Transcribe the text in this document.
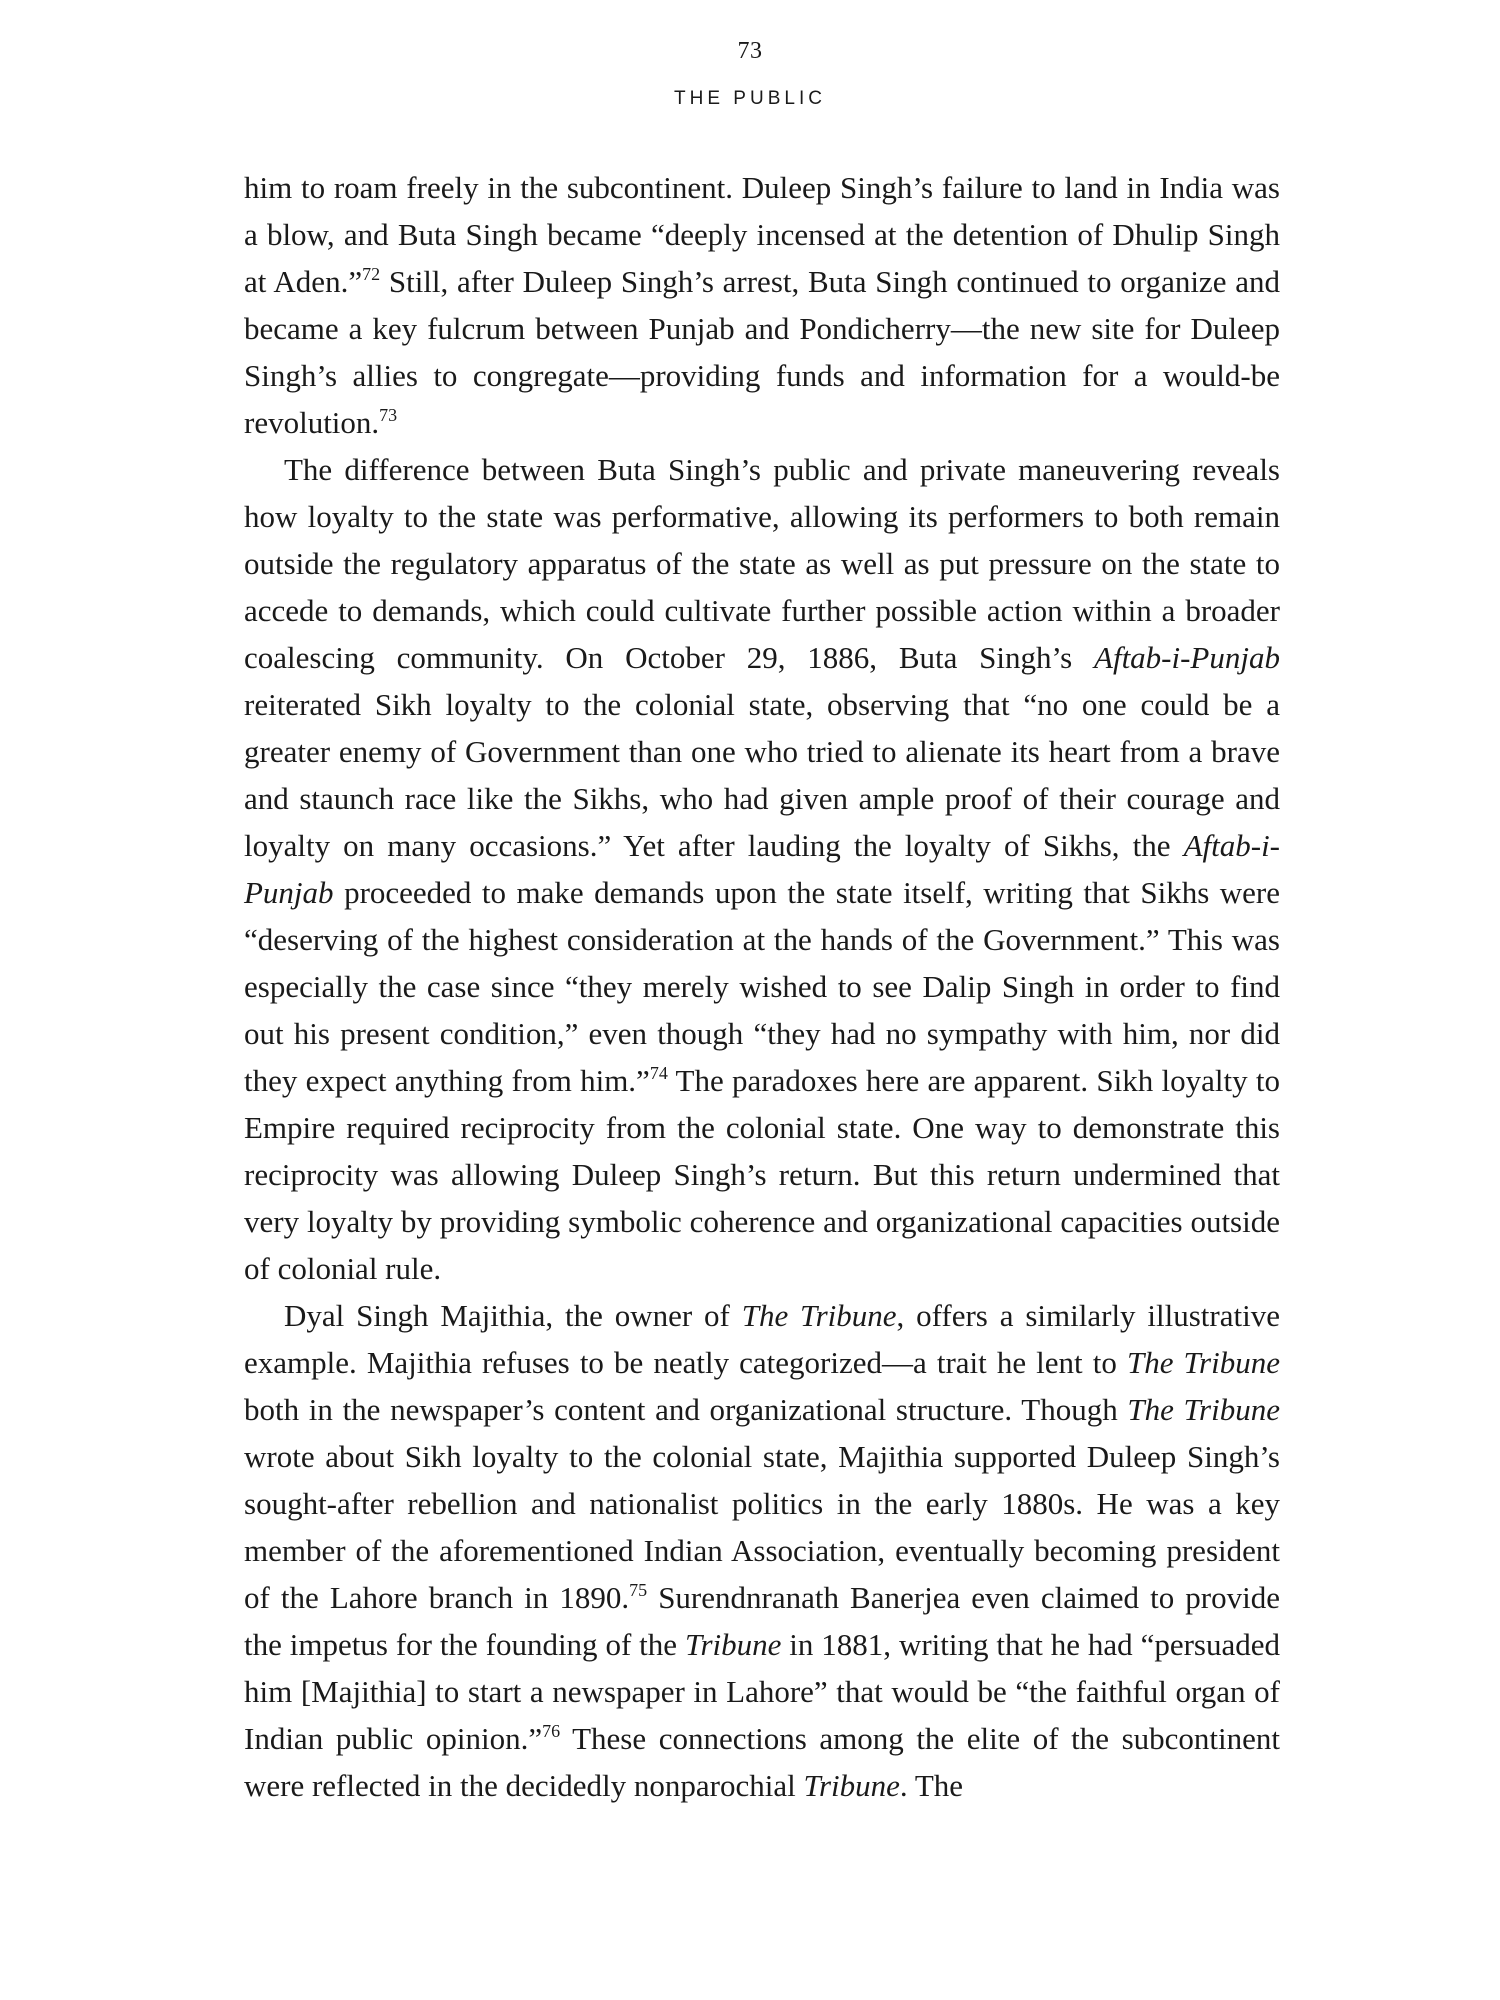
73
THE PUBLIC

him to roam freely in the subcontinent. Duleep Singh’s failure to land in India was a blow, and Buta Singh became “deeply incensed at the detention of Dhulip Singh at Aden.”$^{72}$ Still, after Duleep Singh’s arrest, Buta Singh continued to organize and became a key fulcrum between Punjab and Pondicherry—the new site for Duleep Singh’s allies to congregate—providing funds and information for a would-be revolution.$^{73}$

The difference between Buta Singh’s public and private maneuvering reveals how loyalty to the state was performative, allowing its performers to both remain outside the regulatory apparatus of the state as well as put pressure on the state to accede to demands, which could cultivate further possible action within a broader coalescing community. On October 29, 1886, Buta Singh’s Aftab-i-Punjab reiterated Sikh loyalty to the colonial state, observing that “no one could be a greater enemy of Government than one who tried to alienate its heart from a brave and staunch race like the Sikhs, who had given ample proof of their courage and loyalty on many occasions.” Yet after lauding the loyalty of Sikhs, the Aftab-i-Punjab proceeded to make demands upon the state itself, writing that Sikhs were “deserving of the highest consideration at the hands of the Government.” This was especially the case since “they merely wished to see Dalip Singh in order to find out his present condition,” even though “they had no sympathy with him, nor did they expect anything from him.”$^{74}$ The paradoxes here are apparent. Sikh loyalty to Empire required reciprocity from the colonial state. One way to demonstrate this reciprocity was allowing Duleep Singh’s return. But this return undermined that very loyalty by providing symbolic coherence and organizational capacities outside of colonial rule.

Dyal Singh Majithia, the owner of The Tribune, offers a similarly illustrative example. Majithia refuses to be neatly categorized—a trait he lent to The Tribune both in the newspaper’s content and organizational structure. Though The Tribune wrote about Sikh loyalty to the colonial state, Majithia supported Duleep Singh’s sought-after rebellion and nationalist politics in the early 1880s. He was a key member of the aforementioned Indian Association, eventually becoming president of the Lahore branch in 1890.75 Surendnranath Banerjea even claimed to provide the impetus for the founding of the Tribune in 1881, writing that he had “persuaded him [Majithia] to start a newspaper in Lahore” that would be “the faithful organ of Indian public opinion.”$^{76}$ These connections among the elite of the subcontinent were reflected in the decidedly nonparochial Tribune. The
